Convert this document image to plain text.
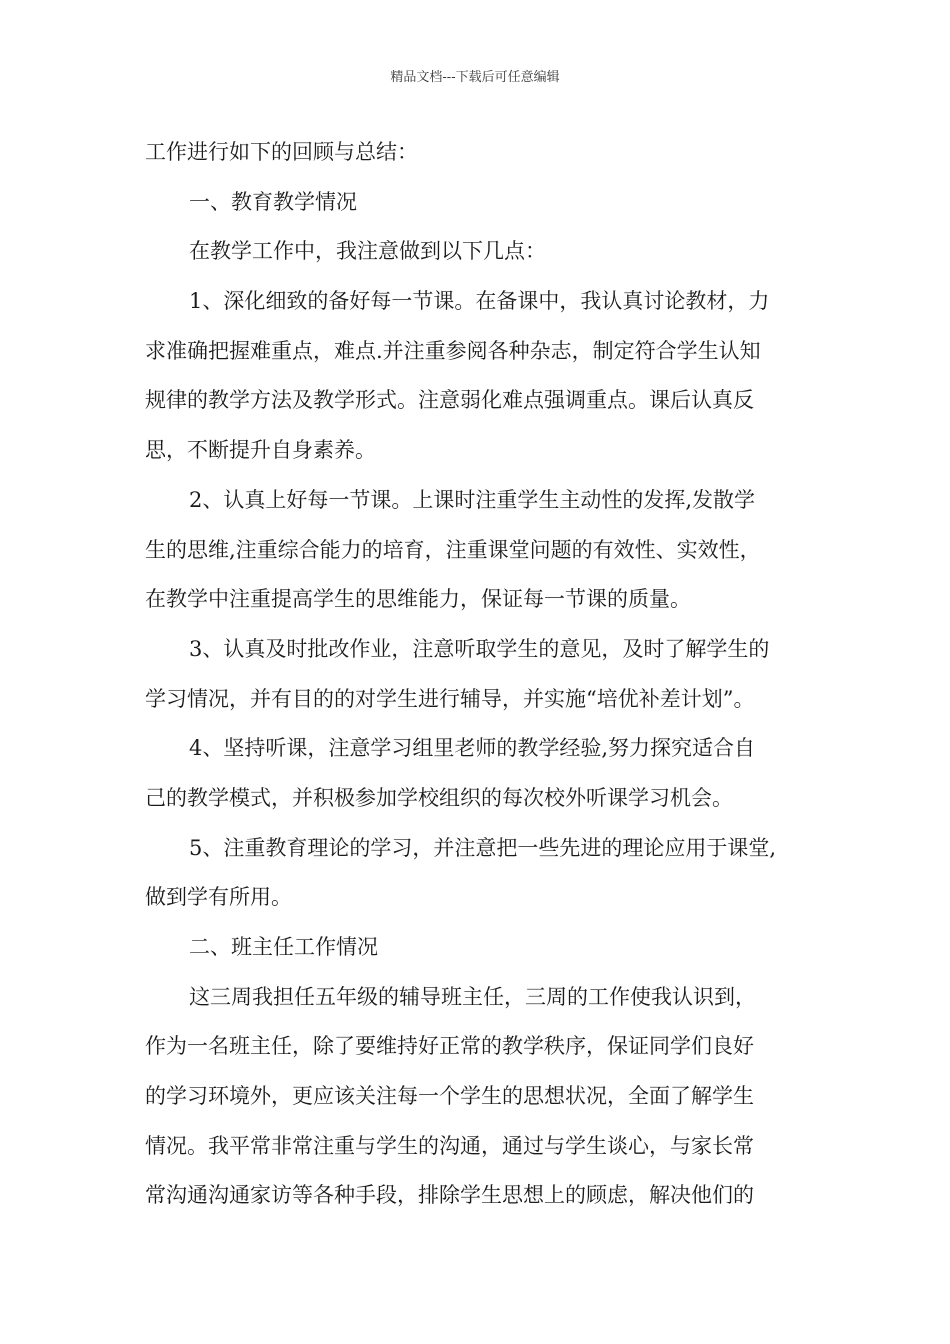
精品文档---下载后可任意编辑
工作进行如下的回顾与总结：
一、教育教学情况
在教学工作中，我注意做到以下几点：
1、深化细致的备好每一节课。在备课中，我认真讨论教材，力
求准确把握难重点，难点.并注重参阅各种杂志，制定符合学生认知
规律的教学方法及教学形式。注意弱化难点强调重点。课后认真反
思，不断提升自身素养。
2、认真上好每一节课。上课时注重学生主动性的发挥,发散学
生的思维,注重综合能力的培育，注重课堂问题的有效性、实效性，
在教学中注重提高学生的思维能力，保证每一节课的质量。
3、认真及时批改作业，注意听取学生的意见，及时了解学生的
学习情况，并有目的的对学生进行辅导，并实施“培优补差计划”。
4、坚持听课，注意学习组里老师的教学经验,努力探究适合自
己的教学模式，并积极参加学校组织的每次校外听课学习机会。
5、注重教育理论的学习，并注意把一些先进的理论应用于课堂,
做到学有所用。
二、班主任工作情况
这三周我担任五年级的辅导班主任，三周的工作使我认识到，
作为一名班主任，除了要维持好正常的教学秩序，保证同学们良好
的学习环境外，更应该关注每一个学生的思想状况，全面了解学生
情况。我平常非常注重与学生的沟通，通过与学生谈心，与家长常
常沟通沟通家访等各种手段，排除学生思想上的顾虑，解决他们的
